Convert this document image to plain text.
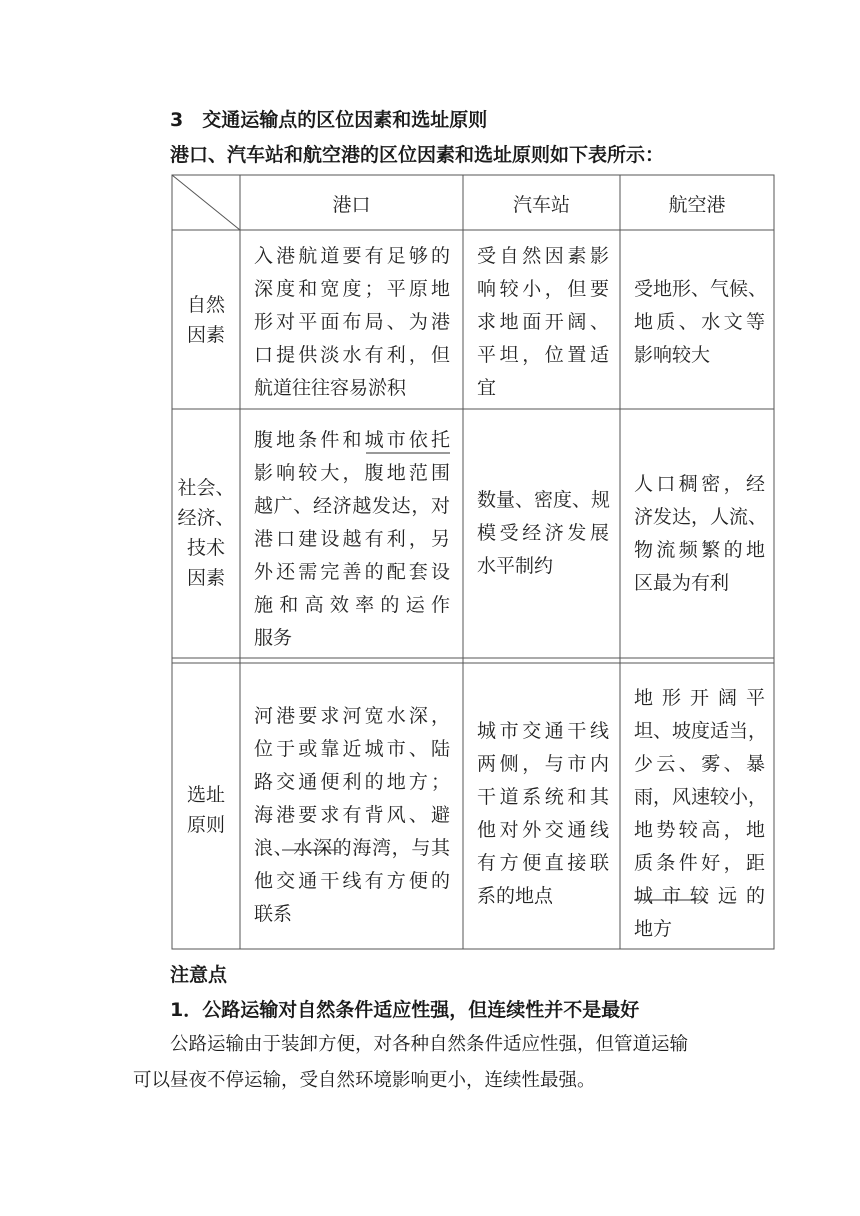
3　交通运输点的区位因素和选址原则
港口、汽车站和航空港的区位因素和选址原则如下表所示：
港口	汽车站	航空港
自然
因素
入港航道要有足够的
深度和宽度；平原地
形对平面布局、为港
口提供淡水有利，但
航道往往容易淤积
受自然因素影
响较小，但要
求地面开阔、
平坦，位置适
宜
受地形、气候、
地质、水文等
影响较大
社会、
经济、
技术
因素
腹地条件和城市依托
影响较大，腹地范围
越广、经济越发达，对
港口建设越有利，另
外还需完善的配套设
施和高效率的运作
服务
数量、密度、规
模受经济发展
水平制约
人口稠密，经
济发达，人流、
物流频繁的地
区最为有利
选址
原则
河港要求河宽水深，
位于或靠近城市、陆
路交通便利的地方；
海港要求有背风、避
浪、水深的海湾，与其
他交通干线有方便的
联系
城市交通干线
两侧，与市内
干道系统和其
他对外交通线
有方便直接联
系的地点
地形开阔平
坦、坡度适当，
少云、雾、暴
雨，风速较小，
地势较高，地
质条件好，距
城市较远的
地方
注意点
1．公路运输对自然条件适应性强，但连续性并不是最好
公路运输由于装卸方便，对各种自然条件适应性强，但管道运输
可以昼夜不停运输，受自然环境影响更小，连续性最强。
